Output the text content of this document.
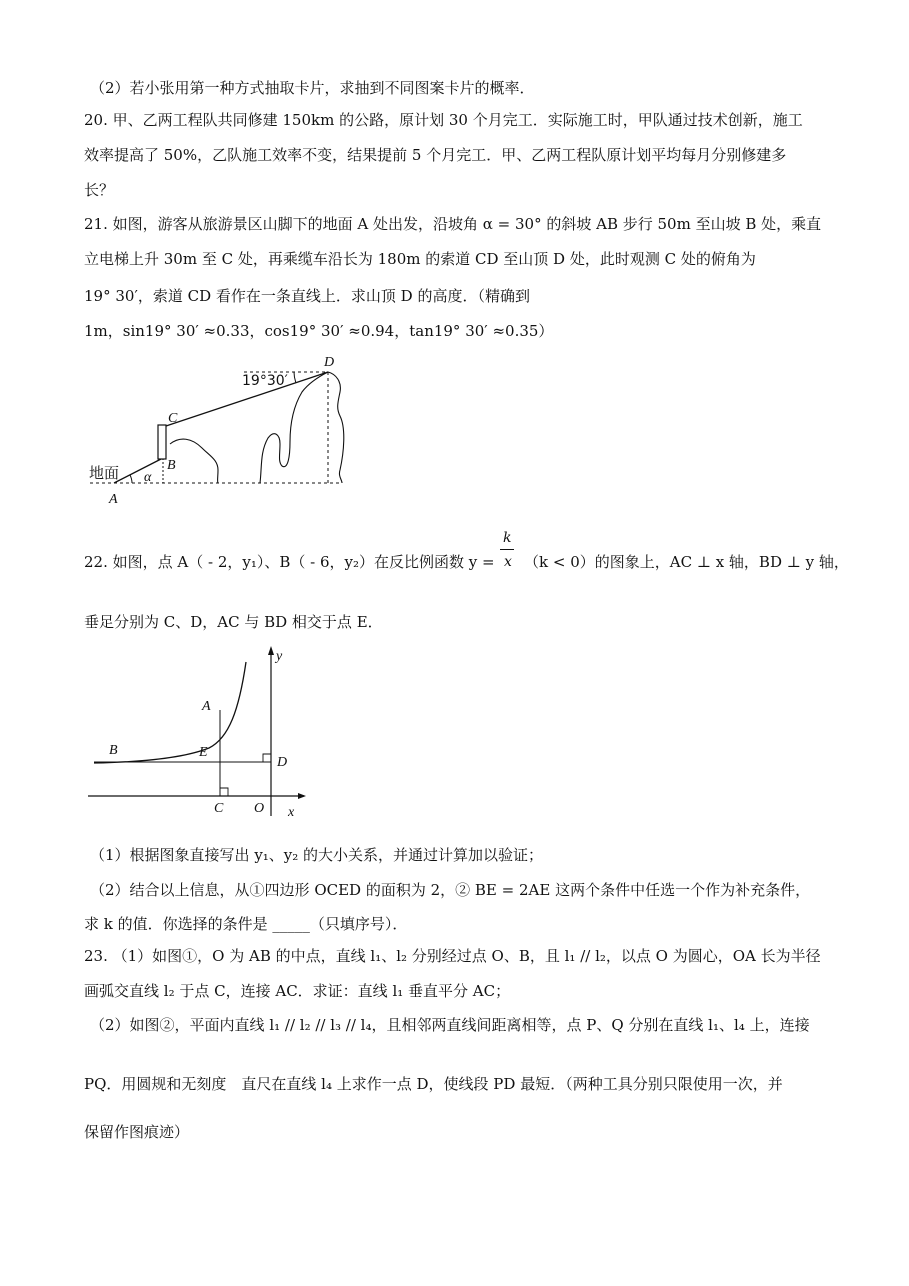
（2）若小张用第一种方式抽取卡片，求抽到不同图案卡片的概率．
20. 甲、乙两工程队共同修建 150km 的公路，原计划 30 个月完工．实际施工时，甲队通过技术创新，施工
效率提高了 50%，乙队施工效率不变，结果提前 5 个月完工．甲、乙两工程队原计划平均每月分别修建多
长？
21. 如图，游客从旅游景区山脚下的地面 A 处出发，沿坡角 α = 30° 的斜坡 AB 步行 50m 至山坡 B 处，乘直
立电梯上升 30m 至 C 处，再乘缆车沿长为 180m 的索道 CD 至山顶 D 处，此时观测 C 处的俯角为
19° 30′，索道 CD 看作在一条直线上．求山顶 D 的高度．（精确到
1m，sin19° 30′ ≈0.33，cos19° 30′ ≈0.94，tan19° 30′ ≈0.35）
19°30′
D
C
B
A
α
地面
22. 如图，点 A（ - 2，y₁）、B（ - 6，y₂）在反比例函数 y =
k
x （k < 0）的图象上，AC ⊥ x 轴，BD ⊥ y 轴，
垂足分别为 C、D，AC 与 BD 相交于点 E．
y
x
A
B	E
D
C O
（1）根据图象直接写出 y₁、y₂ 的大小关系，并通过计算加以验证；
（2）结合以上信息，从①四边形 OCED 的面积为 2，② BE = 2AE 这两个条件中任选一个作为补充条件，
求 k 的值．你选择的条件是 _____（只填序号）．
23. （1）如图①，O 为 AB 的中点，直线 l₁、l₂ 分别经过点 O、B，且 l₁ // l₂，以点 O 为圆心，OA 长为半径
画弧交直线 l₂ 于点 C，连接 AC．求证：直线 l₁ 垂直平分 AC；
（2）如图②，平面内直线 l₁ // l₂ // l₃ // l₄，且相邻两直线间距离相等，点 P、Q 分别在直线 l₁、l₄ 上，连接
PQ．用圆规和无刻度　直尺在直线 l₄ 上求作一点 D，使线段 PD 最短．（两种工具分别只限使用一次，并
保留作图痕迹）
